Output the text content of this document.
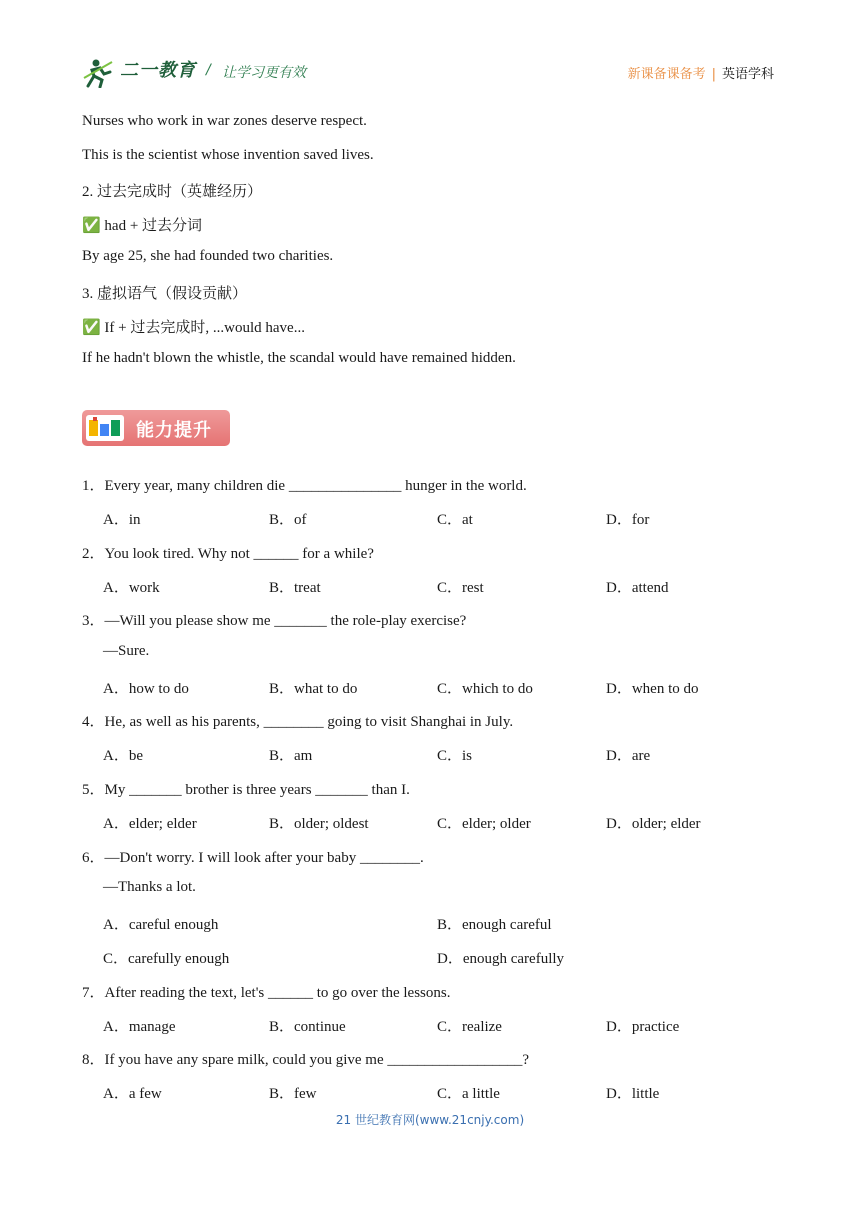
二一教育 / 让学习更有效	新课备课备考 | 英语学科
Nurses who work in war zones deserve respect.
This is the scientist whose invention saved lives.
2. 过去完成时（英雄经历）
✅ had + 过去分词
By age 25, she had founded two charities.
3. 虚拟语气（假设贡献）
✅ If + 过去完成时, ...would have...
If he hadn't blown the whistle, the scandal would have remained hidden.
能力提升
1．Every year, many children die _______________ hunger in the world.
A．in	B．of	C．at	D．for
2．You look tired. Why not ______ for a while?
A．work	B．treat	C．rest	D．attend
3．—Will you please show me _______ the role-play exercise?
—Sure.
A．how to do	B．what to do	C．which to do	D．when to do
4．He, as well as his parents, ________ going to visit Shanghai in July.
A．be	B．am	C．is	D．are
5．My _______ brother is three years _______ than I.
A．elder; elder	B．older; oldest	C．elder; older	D．older; elder
6．—Don't worry. I will look after your baby ________.
—Thanks a lot.
A．careful enough	B．enough careful
C．carefully enough	D．enough carefully
7．After reading the text, let's ______ to go over the lessons.
A．manage	B．continue	C．realize	D．practice
8．If you have any spare milk, could you give me __________________?
A．a few	B．few	C．a little	D．little
21 世纪教育网(www.21cnjy.com)
